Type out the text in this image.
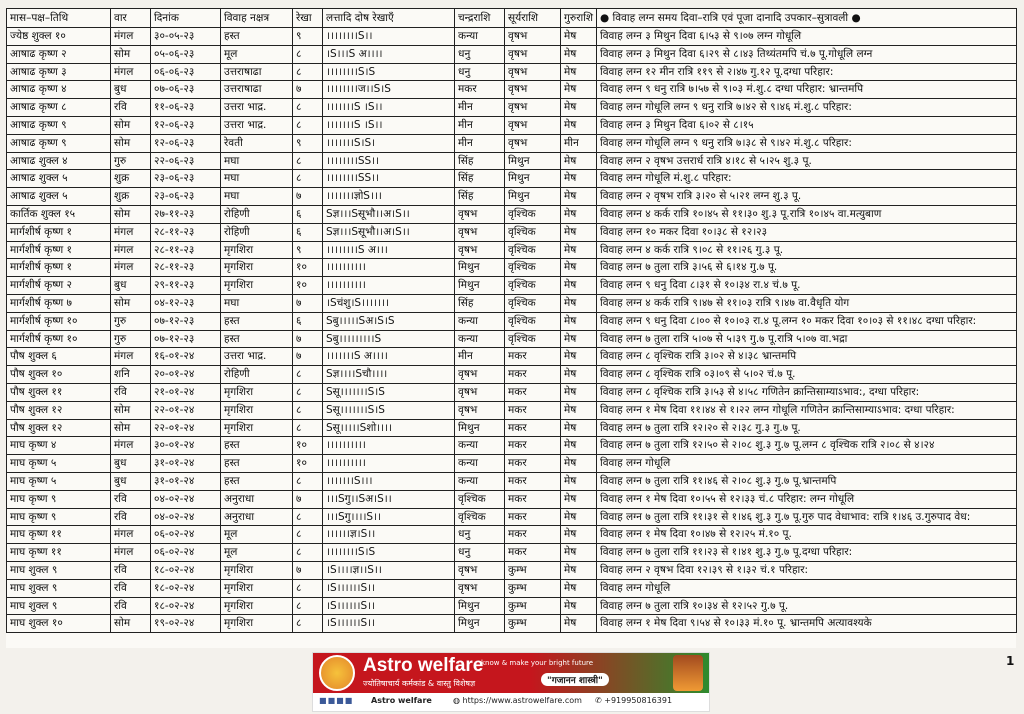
मास–पक्ष–तिथि	वार	दिनांक	विवाह नक्षत्र	रेखा	लत्तादि दोष रेखाएँ	चन्द्रराशि	सूर्यराशि	गुरुराशि	● विवाह लग्न समय दिवा–रात्रि एवं पूजा दानादि उपकार–सुत्रावली ●
ज्येष्ठ शुक्ल १०	मंगल	३०-०५-२३	हस्त	९	।।।।।।।।S।।	कन्या	वृषभ	मेष	विवाह लग्न ३ मिथुन दिवा ६।५३ से ९।०७ लग्न गोधूलि
आषाढ कृष्ण २	सोम	०५-०६-२३	मूल	८	।S।।।S अ।।।।	धनु	वृषभ	मेष	विवाह लग्न ३ मिथुन दिवा ६।२९ से ८।४३ तिथ्यंतमपि चं.७ पू.गोधूलि लग्न
आषाढ कृष्ण ३	मंगल	०६-०६-२३	उत्तराषाढा	८	।।।।।।।।S।S	धनु	वृषभ	मेष	विवाह लग्न १२ मीन रात्रि ११९ से २।४७ गु.१२ पू.दग्धा परिहार:
आषाढ कृष्ण ४	बुध	०७-०६-२३	उत्तराषाढा	७	।।।।।।।।ज।।S।S	मकर	वृषभ	मेष	विवाह लग्न ९ धनु रात्रि ७।५७ से ९।०३ मं.शु.८ दग्धा परिहार: भ्रान्तमपि
आषाढ कृष्ण ८	रवि	११-०६-२३	उत्तरा भाद्र.	८	।।।।।।।S ।S।।	मीन	वृषभ	मेष	विवाह लग्न गोधूलि लग्न ९ धनु रात्रि ७।४२ से ९।४६ मं.शु.८ परिहार:
आषाढ कृष्ण ९	सोम	१२-०६-२३	उत्तरा भाद्र.	८	।।।।।।।S ।S।।	मीन	वृषभ	मेष	विवाह लग्न ३ मिथुन दिवा ६।०२ से ८।१५
आषाढ कृष्ण ९	सोम	१२-०६-२३	रेवती	९	।।।।।।।S।S।	मीन	वृषभ	मीन	विवाह लग्न गोधूलि लग्न ९ धनु रात्रि ७।३८ से ९।४२ मं.शु.८ परिहार:
आषाढ शुक्ल ४	गुरु	२२-०६-२३	मघा	८	।।।।।।।।SS।।	सिंह	मिथुन	मेष	विवाह लग्न २ वृषभ उत्तरार्ध रात्रि ४।१८ से ५।२५ शु.३ पू.
आषाढ शुक्ल ५	शुक्र	२३-०६-२३	मघा	८	।।।।।।।।SS।।	सिंह	मिथुन	मेष	विवाह लग्न गोधूलि मं.शु.८ परिहार:
आषाढ शुक्ल ५	शुक्र	२३-०६-२३	मघा	७	।।।।।।।ज्ञोS।।।	सिंह	मिथुन	मेष	विवाह लग्न २ वृषभ रात्रि ३।२० से ५।२१ लग्न शु.३ पू.
कार्तिक शुक्ल १५	सोम	२७-११-२३	रोहिणी	६	Sज्ञ।।।Sसूभौ।।अ।S।।	वृषभ	वृश्चिक	मेष	विवाह लग्न ४ कर्क रात्रि १०।४५ से ११।३० शु.३ पू.रात्रि १०।४५ वा.मत्युबाण
मार्गशीर्ष कृष्ण १	मंगल	२८-११-२३	रोहिणी	६	Sज्ञ।।।Sसूभौ।।अ।S।।	वृषभ	वृश्चिक	मेष	विवाह लग्न १० मकर दिवा १०।३८ से १२।२३
मार्गशीर्ष कृष्ण १	मंगल	२८-११-२३	मृगशिरा	९	।।।।।।।।S अ।।।	वृषभ	वृश्चिक	मेष	विवाह लग्न ४ कर्क रात्रि ९।०८ से ११।२६ गु.३ पू.
मार्गशीर्ष कृष्ण १	मंगल	२८-११-२३	मृगशिरा	१०	।।।।।।।।।।	मिथुन	वृश्चिक	मेष	विवाह लग्न ७ तुला रात्रि ३।५६ से ६।१४ गु.७ पू.
मार्गशीर्ष कृष्ण २	बुध	२९-११-२३	मृगशिरा	१०	।।।।।।।।।।	मिथुन	वृश्चिक	मेष	विवाह लग्न ९ धनु दिवा ८।३१ से १०।३४ रा.४ चं.७ पू.
मार्गशीर्ष कृष्ण ७	सोम	०४-१२-२३	मघा	७	।Sचंशु।S।।।।।।।	सिंह	वृश्चिक	मेष	विवाह लग्न ४ कर्क रात्रि ९।४७ से ११।०३ रात्रि ९।४७ वा.वैधृति योग
मार्गशीर्ष कृष्ण १०	गुरु	०७-१२-२३	हस्त	६	Sबु।।।।।Sअ।S।S	कन्या	वृश्चिक	मेष	विवाह लग्न ९ धनु दिवा ८।०० से १०।०३ रा.४ पू.लग्न १० मकर दिवा १०।०३ से ११।४८ दग्धा परिहार:
मार्गशीर्ष कृष्ण १०	गुरु	०७-१२-२३	हस्त	७	Sबु।।।।।।।।।S	कन्या	वृश्चिक	मेष	विवाह लग्न ७ तुला रात्रि ५।०७ से ५।३९ गु.७ पू.रात्रि ५।०७ वा.भद्रा
पौष शुक्ल ६	मंगल	१६-०१-२४	उत्तरा भाद्र.	७	।।।।।।।S अ।।।।	मीन	मकर	मेष	विवाह लग्न ८ वृश्चिक रात्रि ३।०२ से ४।३८ भ्रान्तमपि
पौष शुक्ल १०	शनि	२०-०१-२४	रोहिणी	८	Sज्ञ।।।।Sचौ।।।।	वृषभ	मकर	मेष	विवाह लग्न ८ वृश्चिक रात्रि ०३।०९ से ५।०२ चं.७ पू.
पौष शुक्ल ११	रवि	२१-०१-२४	मृगशिरा	८	Sसू।।।।।।।S।S	वृषभ	मकर	मेष	विवाह लग्न ८ वृश्चिक रात्रि ३।५३ से ४।५८ गणितेन क्रान्तिसाम्याऽभाव:, दग्धा परिहार:
पौष शुक्ल १२	सोम	२२-०१-२४	मृगशिरा	८	Sसू।।।।।।।S।S	वृषभ	मकर	मेष	विवाह लग्न १ मेष दिवा ११।४४ से १।२२ लग्न गोधूलि गणितेन क्रान्तिसाम्याऽभाव: दग्धा परिहार:
पौष शुक्ल १२	सोम	२२-०१-२४	मृगशिरा	८	Sसू।।।।।Sशो।।।।	मिथुन	मकर	मेष	विवाह लग्न ७ तुला रात्रि १२।२० से २।३८ गु.३ गु.७ पू.
माघ कृष्ण ४	मंगल	३०-०१-२४	हस्त	१०	।।।।।।।।।।	कन्या	मकर	मेष	विवाह लग्न ७ तुला रात्रि १२।५० से २।०८ शु.३ गु.७ पू.लग्न ८ वृश्चिक रात्रि २।०८ से ४।२४
माघ कृष्ण ५	बुध	३१-०१-२४	हस्त	१०	।।।।।।।।।।	कन्या	मकर	मेष	विवाह लग्न गोधूलि
माघ कृष्ण ५	बुध	३१-०१-२४	हस्त	८	।।।।।।।S।।।	कन्या	मकर	मेष	विवाह लग्न ७ तुला रात्रि ११।४६ से २।०८ शु.३ गु.७ पू.भ्रान्तमपि
माघ कृष्ण ९	रवि	०४-०२-२४	अनुराधा	७	।।।Sगु।।Sअ।S।।	वृश्चिक	मकर	मेष	विवाह लग्न १ मेष दिवा १०।५५ से १२।३३ चं.८ परिहार: लग्न गोधूलि
माघ कृष्ण ९	रवि	०४-०२-२४	अनुराधा	८	।।।Sगु।।।।S।।	वृश्चिक	मकर	मेष	विवाह लग्न ७ तुला रात्रि ११।३१ से १।४६ शु.३ गु.७ पू.गुरु पाद वेधाभाव: रात्रि १।४६ उ.गुरुपाद वेध:
माघ कृष्ण ११	मंगल	०६-०२-२४	मूल	८	।।।।।।ज्ञ।S।।	धनु	मकर	मेष	विवाह लग्न १ मेष दिवा १०।४७ से १२।२५ मं.१० पू.
माघ कृष्ण ११	मंगल	०६-०२-२४	मूल	८	।।।।।।।।S।S	धनु	मकर	मेष	विवाह लग्न ७ तुला रात्रि ११।२३ से १।४१ शु.३ गु.७ पू.दग्धा परिहार:
माघ शुक्ल ९	रवि	१८-०२-२४	मृगशिरा	७	।S।।।।ज्ञ।।S।।	वृषभ	कुम्भ	मेष	विवाह लग्न २ वृषभ दिवा १२।३९ से १।३२ चं.१ परिहार:
माघ शुक्ल ९	रवि	१८-०२-२४	मृगशिरा	८	।S।।।।।।S।।	वृषभ	कुम्भ	मेष	विवाह लग्न गोधूलि
माघ शुक्ल ९	रवि	१८-०२-२४	मृगशिरा	८	।S।।।।।।S।।	मिथुन	कुम्भ	मेष	विवाह लग्न ७ तुला रात्रि १०।३४ से १२।५२ गु.७ पू.
माघ शुक्ल १०	सोम	१९-०२-२४	मृगशिरा	८	।S।।।।।।S।।	मिथुन	कुम्भ	मेष	विवाह लग्न १ मेष दिवा ९।५४ से १०।३३ मं.१० पू. भ्रान्तमपि अत्यावश्यके
Astro welfare
know & make your bright future
ज्योतिषाचार्य कर्मकांड & वास्तु विशेषज्ञ	"गजानन शास्त्री"
■■■■ Astro welfare	◍ https://www.astrowelfare.com ✆ +919950816391
1
